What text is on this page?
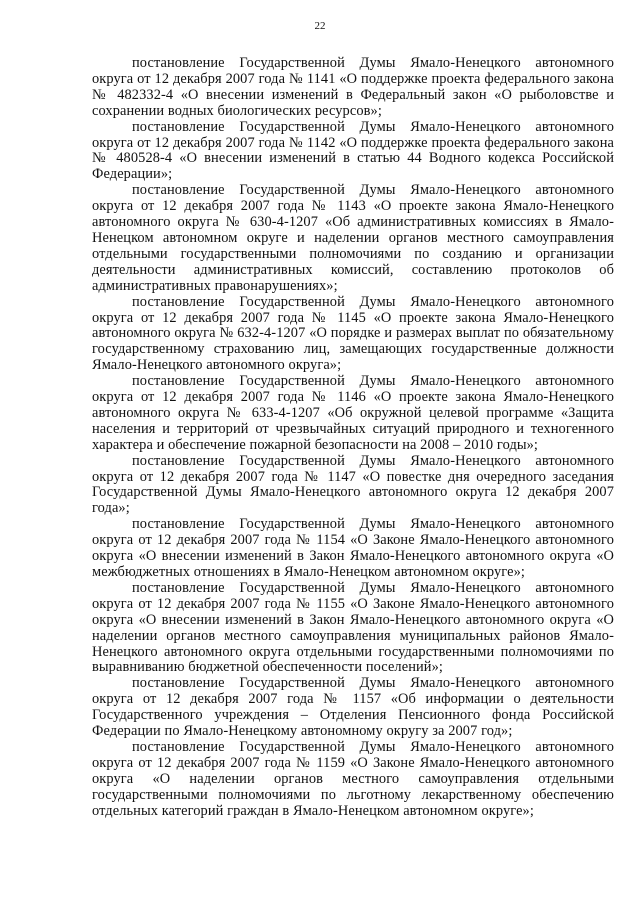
22

постановление Государственной Думы Ямало-Ненецкого автономного округа от 12 декабря 2007 года № 1141 «О поддержке проекта федерального закона № 482332-4 «О внесении изменений в Федеральный закон «О рыболовстве и сохранении водных биологических ресурсов»;

постановление Государственной Думы Ямало-Ненецкого автономного округа от 12 декабря 2007 года № 1142 «О поддержке проекта федерального закона № 480528-4 «О внесении изменений в статью 44 Водного кодекса Российской Федерации»;

постановление Государственной Думы Ямало-Ненецкого автономного округа от 12 декабря 2007 года № 1143 «О проекте закона Ямало-Ненецкого автономного округа № 630-4-1207 «Об административных комиссиях в Ямало-Ненецком автономном округе и наделении органов местного самоуправления отдельными государственными полномочиями по созданию и организации деятельности административных комиссий, составлению протоколов об административных правонарушениях»;

постановление Государственной Думы Ямало-Ненецкого автономного округа от 12 декабря 2007 года № 1145 «О проекте закона Ямало-Ненецкого автономного округа № 632-4-1207 «О порядке и размерах выплат по обязательному государственному страхованию лиц, замещающих государственные должности Ямало-Ненецкого автономного округа»;

постановление Государственной Думы Ямало-Ненецкого автономного округа от 12 декабря 2007 года № 1146 «О проекте закона Ямало-Ненецкого автономного округа № 633-4-1207 «Об окружной целевой программе «Защита населения и территорий от чрезвычайных ситуаций природного и техногенного характера и обеспечение пожарной безопасности на 2008 – 2010 годы»;

постановление Государственной Думы Ямало-Ненецкого автономного округа от 12 декабря 2007 года № 1147 «О повестке дня очередного заседания Государственной Думы Ямало-Ненецкого автономного округа 12 декабря 2007 года»;

постановление Государственной Думы Ямало-Ненецкого автономного округа от 12 декабря 2007 года № 1154 «О Законе Ямало-Ненецкого автономного округа «О внесении изменений в Закон Ямало-Ненецкого автономного округа «О межбюджетных отношениях в Ямало-Ненецком автономном округе»;

постановление Государственной Думы Ямало-Ненецкого автономного округа от 12 декабря 2007 года № 1155 «О Законе Ямало-Ненецкого автономного округа «О внесении изменений в Закон Ямало-Ненецкого автономного округа «О наделении органов местного самоуправления муниципальных районов Ямало-Ненецкого автономного округа отдельными государственными полномочиями по выравниванию бюджетной обеспеченности поселений»;

постановление Государственной Думы Ямало-Ненецкого автономного округа от 12 декабря 2007 года № 1157 «Об информации о деятельности Государственного учреждения – Отделения Пенсионного фонда Российской Федерации по Ямало-Ненецкому автономному округу за 2007 год»;

постановление Государственной Думы Ямало-Ненецкого автономного округа от 12 декабря 2007 года № 1159 «О Законе Ямало-Ненецкого автономного округа «О наделении органов местного самоуправления отдельными государственными полномочиями по льготному лекарственному обеспечению отдельных категорий граждан в Ямало-Ненецком автономном округе»;
